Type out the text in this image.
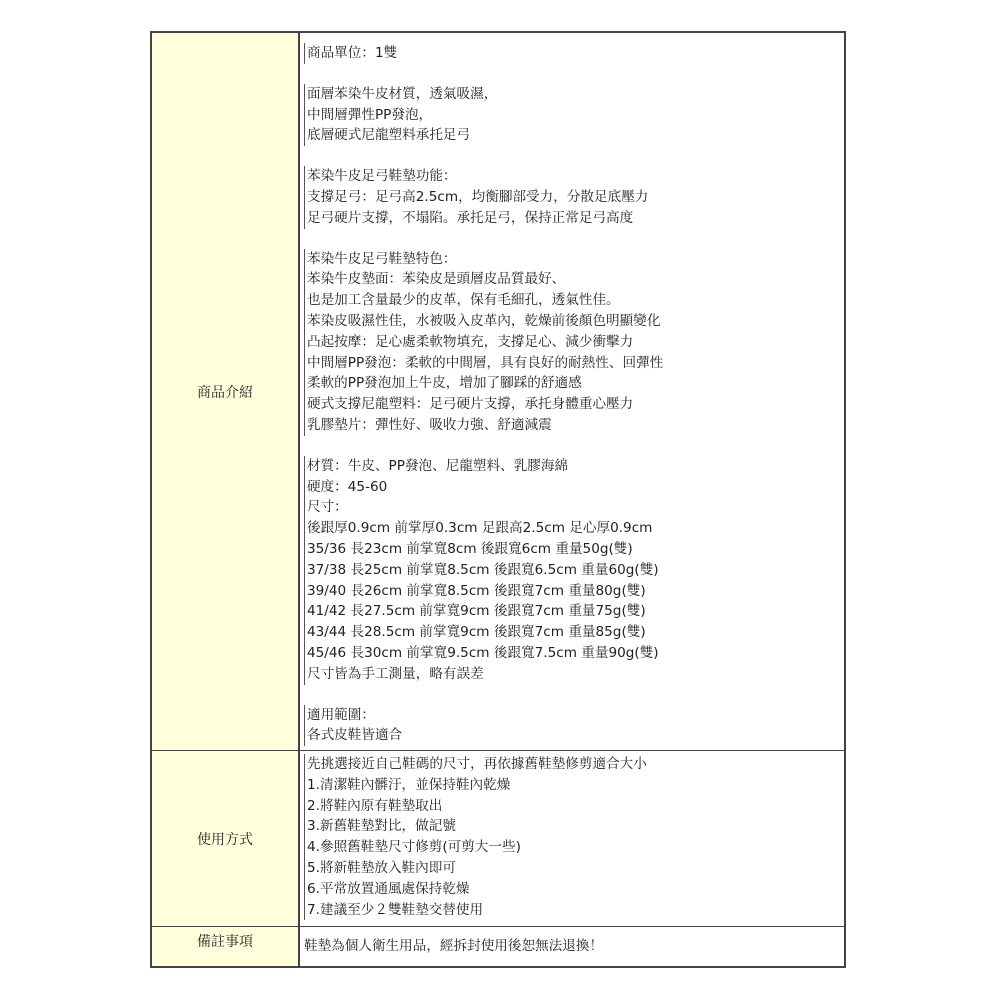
商品介紹
商品單位：1雙
面層苯染牛皮材質，透氣吸濕，
中間層彈性PP發泡，
底層硬式尼龍塑料承托足弓
苯染牛皮足弓鞋墊功能：
支撐足弓：足弓高2.5cm，均衡腳部受力，分散足底壓力
足弓硬片支撐，不塌陷。承托足弓，保持正常足弓高度
苯染牛皮足弓鞋墊特色：
苯染牛皮墊面：苯染皮是頭層皮品質最好、
也是加工含量最少的皮革，保有毛細孔，透氣性佳。
苯染皮吸濕性佳，水被吸入皮革內，乾燥前後顏色明顯變化
凸起按摩：足心處柔軟物填充，支撐足心、減少衝擊力
中間層PP發泡：柔軟的中間層，具有良好的耐熱性、回彈性
柔軟的PP發泡加上牛皮，增加了腳踩的舒適感
硬式支撐尼龍塑料：足弓硬片支撐，承托身體重心壓力
乳膠墊片：彈性好、吸收力強、舒適減震
材質：牛皮、PP發泡、尼龍塑料、乳膠海綿
硬度：45-60
尺寸：
後跟厚0.9cm 前掌厚0.3cm 足跟高2.5cm 足心厚0.9cm
35/36 長23cm 前掌寬8cm 後跟寬6cm 重量50g(雙)
37/38 長25cm 前掌寬8.5cm 後跟寬6.5cm 重量60g(雙)
39/40 長26cm 前掌寬8.5cm 後跟寬7cm 重量80g(雙)
41/42 長27.5cm 前掌寬9cm 後跟寬7cm 重量75g(雙)
43/44 長28.5cm 前掌寬9cm 後跟寬7cm 重量85g(雙)
45/46 長30cm 前掌寬9.5cm 後跟寬7.5cm 重量90g(雙)
尺寸皆為手工測量，略有誤差
適用範圍：
各式皮鞋皆適合
使用方式
先挑選接近自己鞋碼的尺寸，再依據舊鞋墊修剪適合大小
1.清潔鞋內髒汙，並保持鞋內乾燥
2.將鞋內原有鞋墊取出
3.新舊鞋墊對比，做記號
4.參照舊鞋墊尺寸修剪(可剪大一些)
5.將新鞋墊放入鞋內即可
6.平常放置通風處保持乾燥
7.建議至少２雙鞋墊交替使用
備註事項	鞋墊為個人衛生用品，經拆封使用後恕無法退換！
